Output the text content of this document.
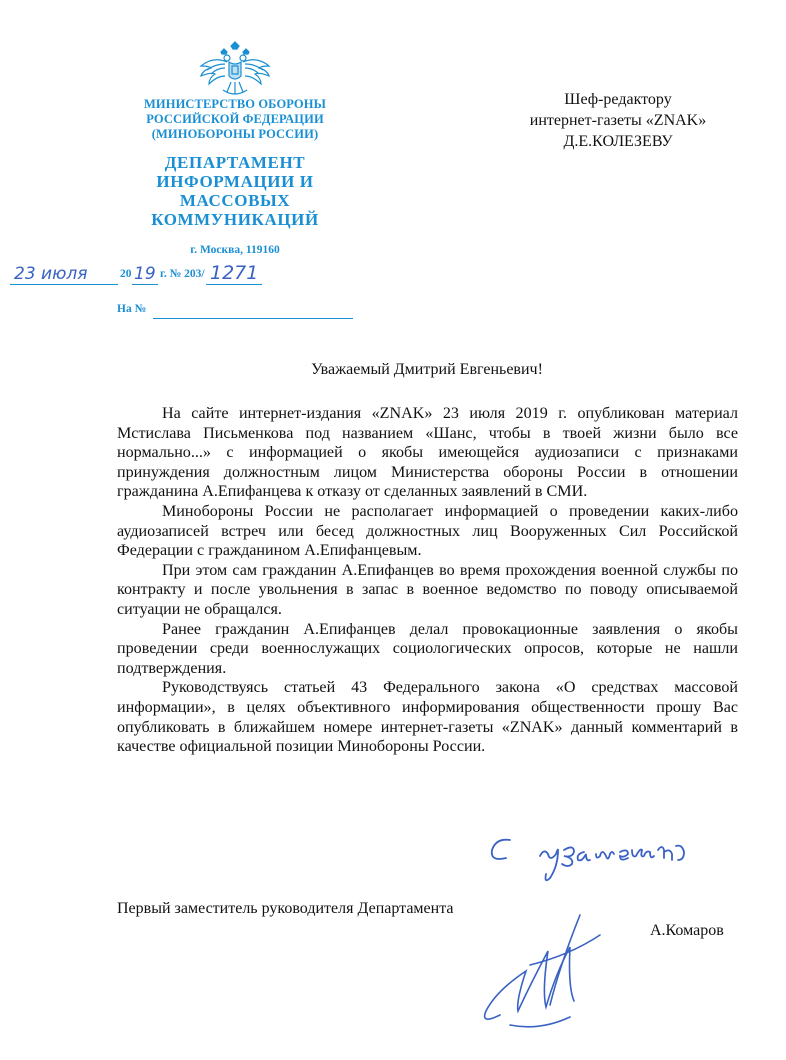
МИНИСТЕРСТВО ОБОРОНЫ
РОССИЙСКОЙ ФЕДЕРАЦИИ
(МИНОБОРОНЫ РОССИИ)
ДЕПАРТАМЕНТ
ИНФОРМАЦИИ И
МАССОВЫХ
КОММУНИКАЦИЙ
г. Москва, 119160
23 июля	20 19 г. № 203/ 1271
На №
Шеф-редактору
интернет-газеты «ZNAK»
Д.Е.КОЛЕЗЕВУ
Уважаемый Дмитрий Евгеньевич!

На сайте интернет-издания «ZNAK» 23 июля 2019 г. опубликован материал Мстислава Письменкова под названием «Шанс, чтобы в твоей жизни было все нормально...» с информацией о якобы имеющейся аудиозаписи с признаками принуждения должностным лицом Министерства обороны России в отношении гражданина А.Епифанцева к отказу от сделанных заявлений в СМИ.

Минобороны России не располагает информацией о проведении каких-либо аудиозаписей встреч или бесед должностных лиц Вооруженных Сил Российской Федерации с гражданином А.Епифанцевым.

При этом сам гражданин А.Епифанцев во время прохождения военной службы по контракту и после увольнения в запас в военное ведомство по поводу описываемой ситуации не обращался.

Ранее гражданин А.Епифанцев делал провокационные заявления о якобы проведении среди военнослужащих социологических опросов, которые не нашли подтверждения.

Руководствуясь статьей 43 Федерального закона «О средствах массовой информации», в целях объективного информирования общественности прошу Вас опубликовать в ближайшем номере интернет-газеты «ZNAK» данный комментарий в качестве официальной позиции Минобороны России.

Первый заместитель руководителя Департамента
А.Комаров
